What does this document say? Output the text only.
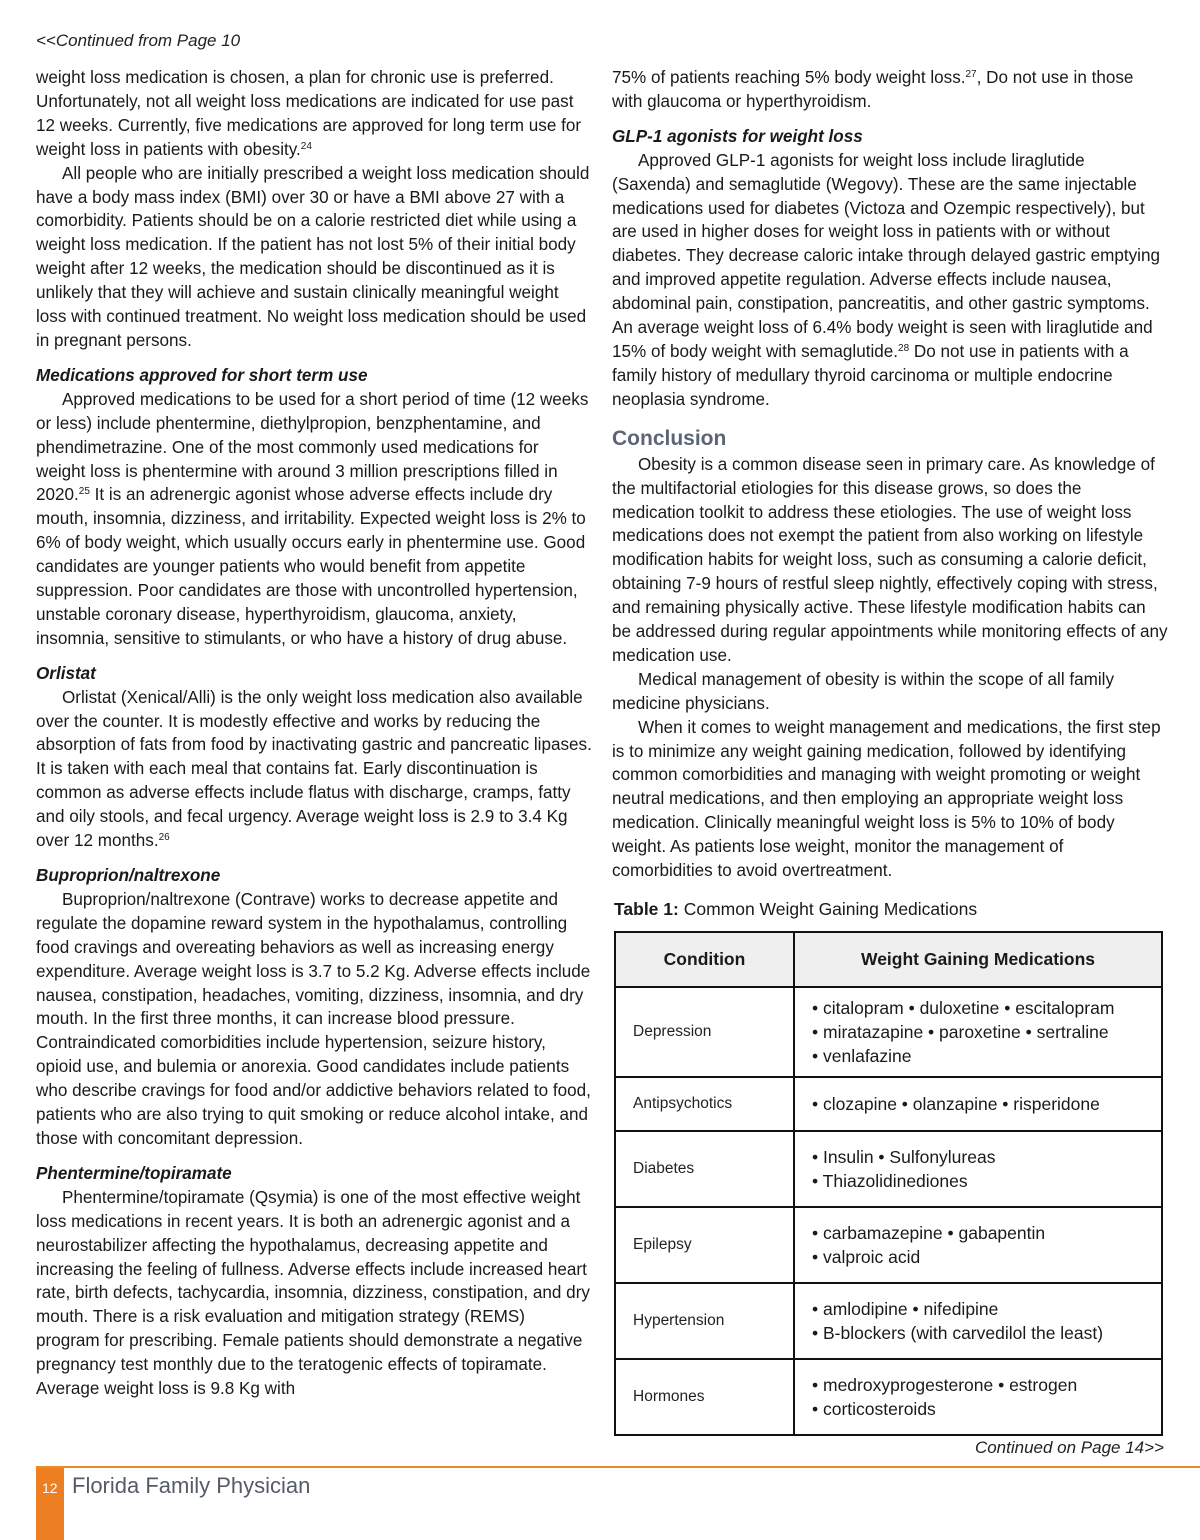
<<Continued from Page 10

weight loss medication is chosen, a plan for chronic use is preferred. Unfortunately, not all weight loss medications are indicated for use past 12 weeks. Currently, five medications are approved for long term use for weight loss in patients with obesity.$^{24}$

All people who are initially prescribed a weight loss medication should have a body mass index (BMI) over 30 or have a BMI above 27 with a comorbidity. Patients should be on a calorie restricted diet while using a weight loss medication. If the patient has not lost 5% of their initial body weight after 12 weeks, the medication should be discontinued as it is unlikely that they will achieve and sustain clinically meaningful weight loss with continued treatment. No weight loss medication should be used in pregnant persons.

Medications approved for short term use

Approved medications to be used for a short period of time (12 weeks or less) include phentermine, diethylpropion, benzphentamine, and phendimetrazine. One of the most commonly used medications for weight loss is phentermine with around 3 million prescriptions filled in 2020.25 It is an adrenergic agonist whose adverse effects include dry mouth, insomnia, dizziness, and irritability. Expected weight loss is 2% to 6% of body weight, which usually occurs early in phentermine use. Good candidates are younger patients who would benefit from appetite suppression. Poor candidates are those with uncontrolled hypertension, unstable coronary disease, hyperthyroidism, glaucoma, anxiety, insomnia, sensitive to stimulants, or who have a history of drug abuse.

Orlistat

Orlistat (Xenical/Alli) is the only weight loss medication also available over the counter. It is modestly effective and works by reducing the absorption of fats from food by inactivating gastric and pancreatic lipases. It is taken with each meal that contains fat. Early discontinuation is common as adverse effects include flatus with discharge, cramps, fatty and oily stools, and fecal urgency. Average weight loss is 2.9 to 3.4 Kg over 12 months.$^{26}$

Buproprion/naltrexone

Buproprion/naltrexone (Contrave) works to decrease appetite and regulate the dopamine reward system in the hypothalamus, controlling food cravings and overeating behaviors as well as increasing energy expenditure. Average weight loss is 3.7 to 5.2 Kg. Adverse effects include nausea, constipation, headaches, vomiting, dizziness, insomnia, and dry mouth. In the first three months, it can increase blood pressure. Contraindicated comorbidities include hypertension, seizure history, opioid use, and bulemia or anorexia. Good candidates include patients who describe cravings for food and/or addictive behaviors related to food, patients who are also trying to quit smoking or reduce alcohol intake, and those with concomitant depression.

Phentermine/topiramate

Phentermine/topiramate (Qsymia) is one of the most effective weight loss medications in recent years. It is both an adrenergic agonist and a neurostabilizer affecting the hypothalamus, decreasing appetite and increasing the feeling of fullness. Adverse effects include increased heart rate, birth defects, tachycardia, insomnia, dizziness, constipation, and dry mouth. There is a risk evaluation and mitigation strategy (REMS) program for prescribing. Female patients should demonstrate a negative pregnancy test monthly due to the teratogenic effects of topiramate. Average weight loss is 9.8 Kg with

75% of patients reaching 5% body weight loss.$^{27}$, Do not use in those with glaucoma or hyperthyroidism.

GLP-1 agonists for weight loss

Approved GLP-1 agonists for weight loss include liraglutide (Saxenda) and semaglutide (Wegovy). These are the same injectable medications used for diabetes (Victoza and Ozempic respectively), but are used in higher doses for weight loss in patients with or without diabetes. They decrease caloric intake through delayed gastric emptying and improved appetite regulation. Adverse effects include nausea, abdominal pain, constipation, pancreatitis, and other gastric symptoms. An average weight loss of 6.4% body weight is seen with liraglutide and 15% of body weight with semaglutide.$^{28}$ Do not use in patients with a family history of medullary thyroid carcinoma or multiple endocrine neoplasia syndrome.

Conclusion

Obesity is a common disease seen in primary care. As knowledge of the multifactorial etiologies for this disease grows, so does the medication toolkit to address these etiologies. The use of weight loss medications does not exempt the patient from also working on lifestyle modification habits for weight loss, such as consuming a calorie deficit, obtaining 7-9 hours of restful sleep nightly, effectively coping with stress, and remaining physically active. These lifestyle modification habits can be addressed during regular appointments while monitoring effects of any medication use.

Medical management of obesity is within the scope of all family medicine physicians.

When it comes to weight management and medications, the first step is to minimize any weight gaining medication, followed by identifying common comorbidities and managing with weight promoting or weight neutral medications, and then employing an appropriate weight loss medication. Clinically meaningful weight loss is 5% to 10% of body weight. As patients lose weight, monitor the management of comorbidities to avoid overtreatment.

Table 1: Common Weight Gaining Medications
Condition	Weight Gaining Medications
Depression	• citalopram • duloxetine • escitalopram
• miratazapine • paroxetine • sertraline
• venlafazine

Antipsychotics	• clozapine • olanzapine • risperidone

Diabetes	• Insulin • Sulfonylureas
• Thiazolidinediones

Epilepsy	• carbamazepine • gabapentin
• valproic acid

Hypertension	• amlodipine • nifedipine
• B-blockers (with carvedilol the least)

Hormones	• medroxyprogesterone • estrogen
• corticosteroids
Continued on Page 14>>
12 Florida Family Physician
